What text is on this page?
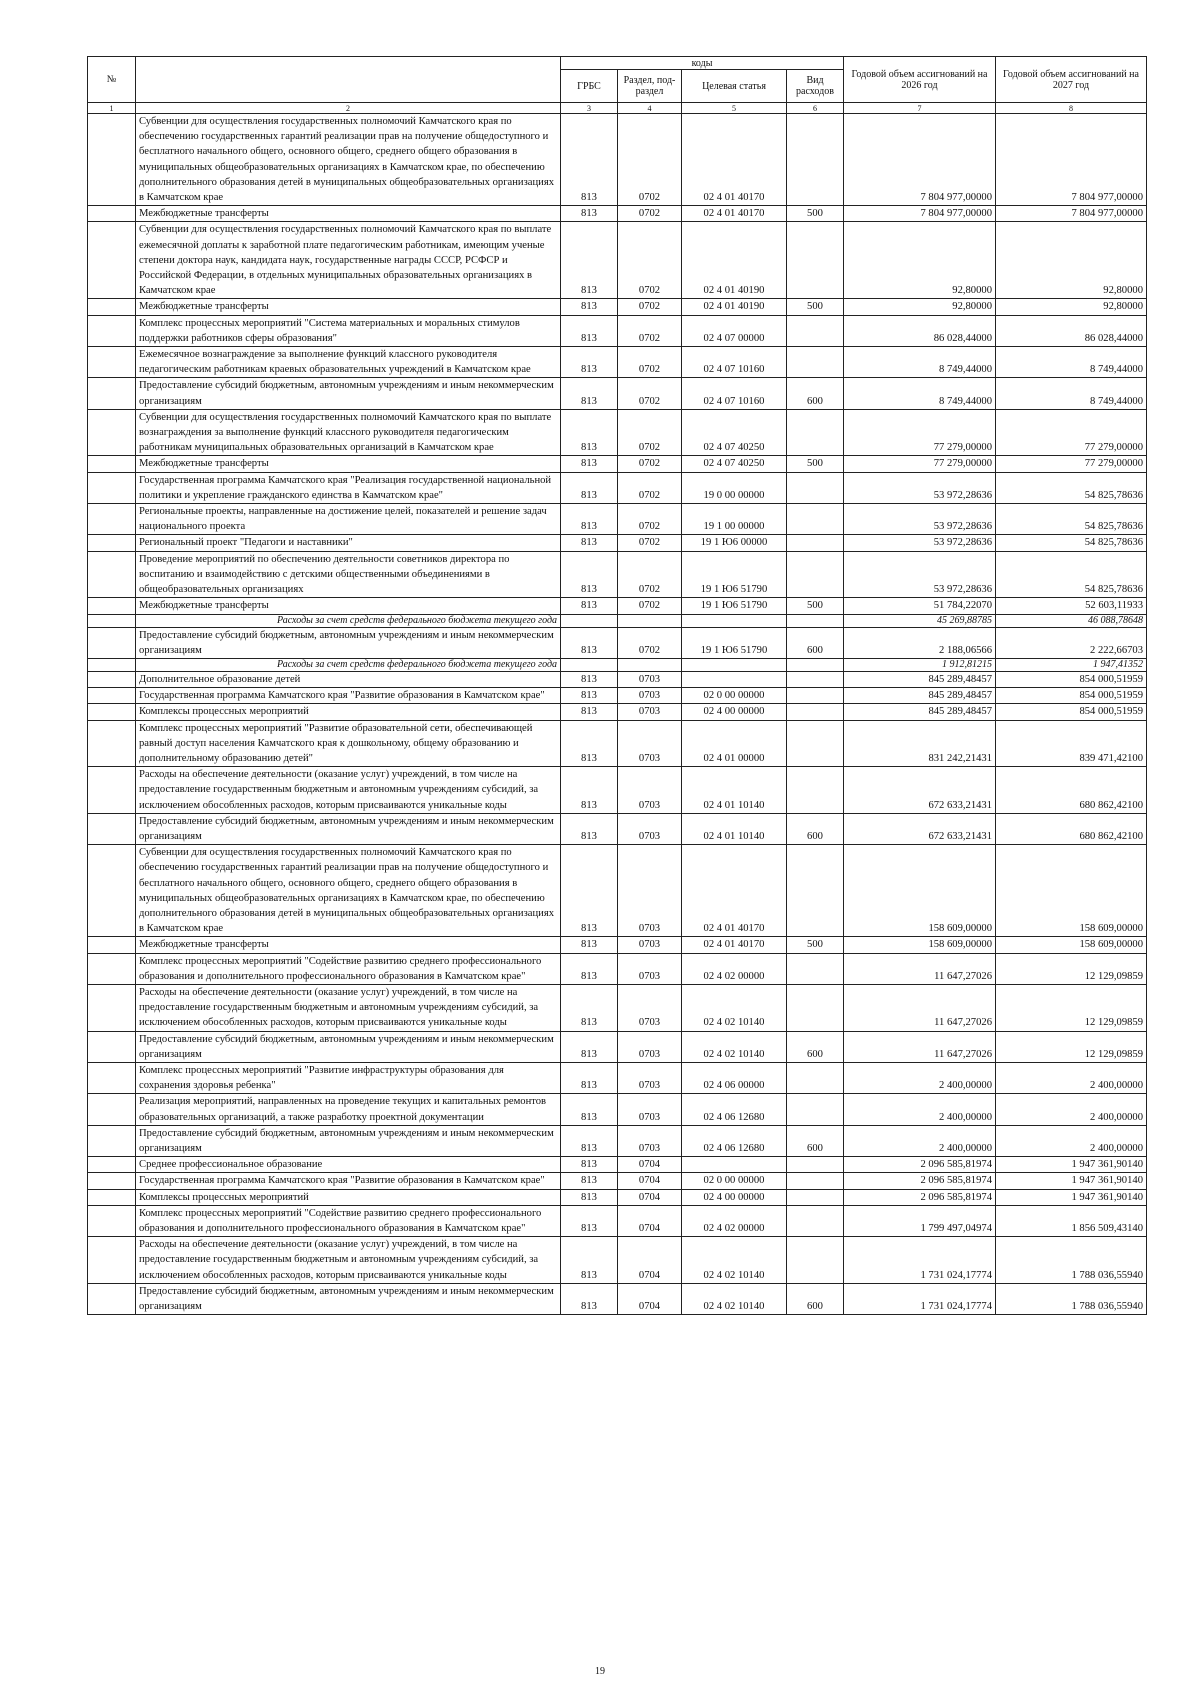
№		коды				Годовой объем ассигнований на 2026 год	Годовой объем ассигнований на 2027 год
		ГРБС	Раздел, под-раздел	Целевая статья	Вид расходов		
1	2	3	4	5	6	7	8
	Субвенции для осуществления государственных полномочий Камчатского края по обеспечению государственных гарантий реализации прав на получение общедоступного и бесплатного начального общего, основного общего, среднего общего образования в муниципальных общеобразовательных организациях в Камчатском крае, по обеспечению дополнительного образования детей в муниципальных общеобразовательных организациях в Камчатском крае	813	0702	02 4 01 40170		7 804 977,00000	7 804 977,00000
	Межбюджетные трансферты	813	0702	02 4 01 40170	500	7 804 977,00000	7 804 977,00000
	Субвенции для осуществления государственных полномочий Камчатского края по выплате ежемесячной доплаты к заработной плате педагогическим работникам, имеющим ученые степени доктора наук, кандидата наук, государственные награды СССР, РСФСР и Российской Федерации, в отдельных муниципальных образовательных организациях в Камчатском крае	813	0702	02 4 01 40190		92,80000	92,80000
	Межбюджетные трансферты	813	0702	02 4 01 40190	500	92,80000	92,80000
	Комплекс процессных мероприятий "Система материальных и моральных стимулов поддержки работников сферы образования"	813	0702	02 4 07 00000		86 028,44000	86 028,44000
	Ежемесячное вознаграждение за выполнение функций классного руководителя педагогическим работникам краевых образовательных учреждений в Камчатском крае	813	0702	02 4 07 10160		8 749,44000	8 749,44000
	Предоставление субсидий бюджетным, автономным учреждениям и иным некоммерческим организациям	813	0702	02 4 07 10160	600	8 749,44000	8 749,44000
	Субвенции для осуществления государственных полномочий Камчатского края по выплате вознаграждения за выполнение функций классного руководителя педагогическим работникам муниципальных образовательных организаций в Камчатском крае	813	0702	02 4 07 40250		77 279,00000	77 279,00000
	Межбюджетные трансферты	813	0702	02 4 07 40250	500	77 279,00000	77 279,00000
	Государственная программа Камчатского края "Реализация государственной национальной политики и укрепление гражданского единства в Камчатском крае"	813	0702	19 0 00 00000		53 972,28636	54 825,78636
	Региональные проекты, направленные на достижение целей, показателей и решение задач национального проекта	813	0702	19 1 00 00000		53 972,28636	54 825,78636
	Региональный проект "Педагоги и наставники"	813	0702	19 1 Ю6 00000		53 972,28636	54 825,78636
	Проведение мероприятий по обеспечению деятельности советников директора по воспитанию и взаимодействию с детскими общественными объединениями в общеобразовательных организациях	813	0702	19 1 Ю6 51790		53 972,28636	54 825,78636
	Межбюджетные трансферты	813	0702	19 1 Ю6 51790	500	51 784,22070	52 603,11933
	Расходы за счет средств федерального бюджета текущего года					45 269,88785	46 088,78648
	Предоставление субсидий бюджетным, автономным учреждениям и иным некоммерческим организациям	813	0702	19 1 Ю6 51790	600	2 188,06566	2 222,66703
	Расходы за счет средств федерального бюджета текущего года					1 912,81215	1 947,41352
	Дополнительное образование детей	813	0703			845 289,48457	854 000,51959
	Государственная программа Камчатского края "Развитие образования в Камчатском крае"	813	0703	02 0 00 00000		845 289,48457	854 000,51959
	Комплексы процессных мероприятий	813	0703	02 4 00 00000		845 289,48457	854 000,51959
	Комплекс процессных мероприятий "Развитие образовательной сети, обеспечивающей равный доступ населения Камчатского края к дошкольному, общему образованию и дополнительному образованию детей"	813	0703	02 4 01 00000		831 242,21431	839 471,42100
	Расходы на обеспечение деятельности (оказание услуг) учреждений, в том числе на предоставление государственным бюджетным и автономным учреждениям субсидий, за исключением обособленных расходов, которым присваиваются уникальные коды	813	0703	02 4 01 10140		672 633,21431	680 862,42100
	Предоставление субсидий бюджетным, автономным учреждениям и иным некоммерческим организациям	813	0703	02 4 01 10140	600	672 633,21431	680 862,42100
	Субвенции для осуществления государственных полномочий Камчатского края по обеспечению государственных гарантий реализации прав на получение общедоступного и бесплатного начального общего, основного общего, среднего общего образования в муниципальных общеобразовательных организациях в Камчатском крае, по обеспечению дополнительного образования детей в муниципальных общеобразовательных организациях в Камчатском крае	813	0703	02 4 01 40170		158 609,00000	158 609,00000
	Межбюджетные трансферты	813	0703	02 4 01 40170	500	158 609,00000	158 609,00000
	Комплекс процессных мероприятий "Содействие развитию среднего профессионального образования и дополнительного профессионального образования в Камчатском крае"	813	0703	02 4 02 00000		11 647,27026	12 129,09859
	Расходы на обеспечение деятельности (оказание услуг) учреждений, в том числе на предоставление государственным бюджетным и автономным учреждениям субсидий, за исключением обособленных расходов, которым присваиваются уникальные коды	813	0703	02 4 02 10140		11 647,27026	12 129,09859
	Предоставление субсидий бюджетным, автономным учреждениям и иным некоммерческим организациям	813	0703	02 4 02 10140	600	11 647,27026	12 129,09859
	Комплекс процессных мероприятий "Развитие инфраструктуры образования для сохранения здоровья ребенка"	813	0703	02 4 06 00000		2 400,00000	2 400,00000
	Реализация мероприятий, направленных на проведение текущих и капитальных ремонтов образовательных организаций, а также разработку проектной документации	813	0703	02 4 06 12680		2 400,00000	2 400,00000
	Предоставление субсидий бюджетным, автономным учреждениям и иным некоммерческим организациям	813	0703	02 4 06 12680	600	2 400,00000	2 400,00000
	Среднее профессиональное образование	813	0704			2 096 585,81974	1 947 361,90140
	Государственная программа Камчатского края "Развитие образования в Камчатском крае"	813	0704	02 0 00 00000		2 096 585,81974	1 947 361,90140
	Комплексы процессных мероприятий	813	0704	02 4 00 00000		2 096 585,81974	1 947 361,90140
	Комплекс процессных мероприятий "Содействие развитию среднего профессионального образования и дополнительного профессионального образования в Камчатском крае"	813	0704	02 4 02 00000		1 799 497,04974	1 856 509,43140
	Расходы на обеспечение деятельности (оказание услуг) учреждений, в том числе на предоставление государственным бюджетным и автономным учреждениям субсидий, за исключением обособленных расходов, которым присваиваются уникальные коды	813	0704	02 4 02 10140		1 731 024,17774	1 788 036,55940
	Предоставление субсидий бюджетным, автономным учреждениям и иным некоммерческим организациям	813	0704	02 4 02 10140	600	1 731 024,17774	1 788 036,55940
19
